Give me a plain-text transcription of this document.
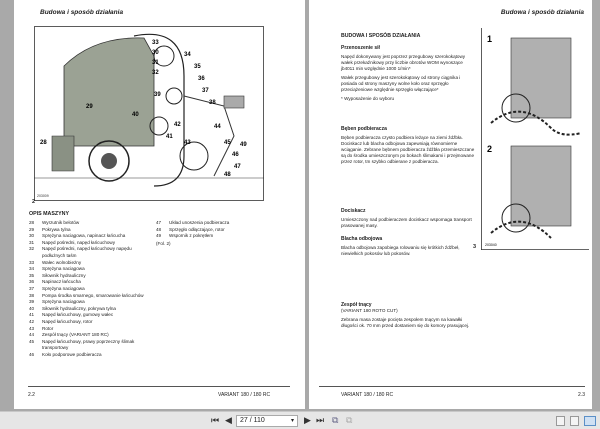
Budowa i sposób działania
33
30
31
32
29
28
34
35
36
37
38
39
40
41
42
43
44
45
46
47
48
49
203009
2
OPIS MASZYNY
28	Wyrzutnik belotów
29	Pokrywa tylna
30	Sprężyna naciągowa, napinacz łańcucha
31	Napęd pośredni, napęd łańcuchowy
32	Napęd pośredni, napęd łańcuchowy napędu podłużnych taśm
33	Wałec wolnobieżny
34	Sprężyna naciągowa
35	Siłownik hydrauliczny
36	Napinacz łańcucha
37	Sprężyna naciągowa
38	Pompa środka smarnego, smarowanie łańcuchów
39	Sprężyna naciągowa
40	Siłownik hydrauliczny, pokrywa tylna
41	Napęd łańcuchowy, gumowy wałec
42	Napęd łańcuchowy, rotor
43	Rotor
44	Zespół tnący (VARIANT 180 RC)
45	Napęd łańcuchowy, prawy poprzeczny ślimak transportowy
46	Koło podporowe podbieracza
47	Układ unoszenia podbieracza
48	Sprzęgło odłączające, rotor
49	Wspornik z pokrętłem
(Fol. 2)
2.2	VARIANT 180 / 180 RC
Budowa i sposób działania
BUDOWA I SPOSÓB DZIAŁANIA
Przenoszenie sił

Napęd dokonywany jest poprzez przegubowy szerokokątowy wałek przekaźnikowy przy liczbie obrotów WOM wynoszące jb4011 min względnie 1000 1/min*

Wałek przegubowy jest szerokokątowy od strony ciągnika i posiada od strony maszyny wolne koło oraz sprzęgło przeciążeniowe względnie sprzęgło włączające*

* Wyposażenie do wyboru

Bęben podbieracza

Bęben podbieracza czysto podbiera leżące na ziemi źdźbła. Dociskacz lub blacha odbojowa zapewniają równomierne wciąganie. Zebrane bębnem podbieracza źdźbła przemieszczane są do środka umieszczonym po bokach ślimakami i przejmowane przez rotor, tm szybko odbierane z podbieracza.

Dociskacz

Umieszczony nad podbieraczem dociskacz wspomaga transport prasowanej masy.

Blacha odbojowa

Blacha odbojowa zapobiega rolowaniu się krótkich źdźbeł, niewielkich pokosów lub pokosów.

Zespół tnący

(VARIANT 180 ROTO CUT)

Zebrana masa zostaje pocięta zespołem tnącym na kawałki długości ok. 70 mm przed dostaniem się do komory prasującej.

1
2
203040
3
VARIANT 180 / 180 RC	2.3
⏮ ◀	27 / 110	▾ ▶ ⏭ ⧉ ⧉
